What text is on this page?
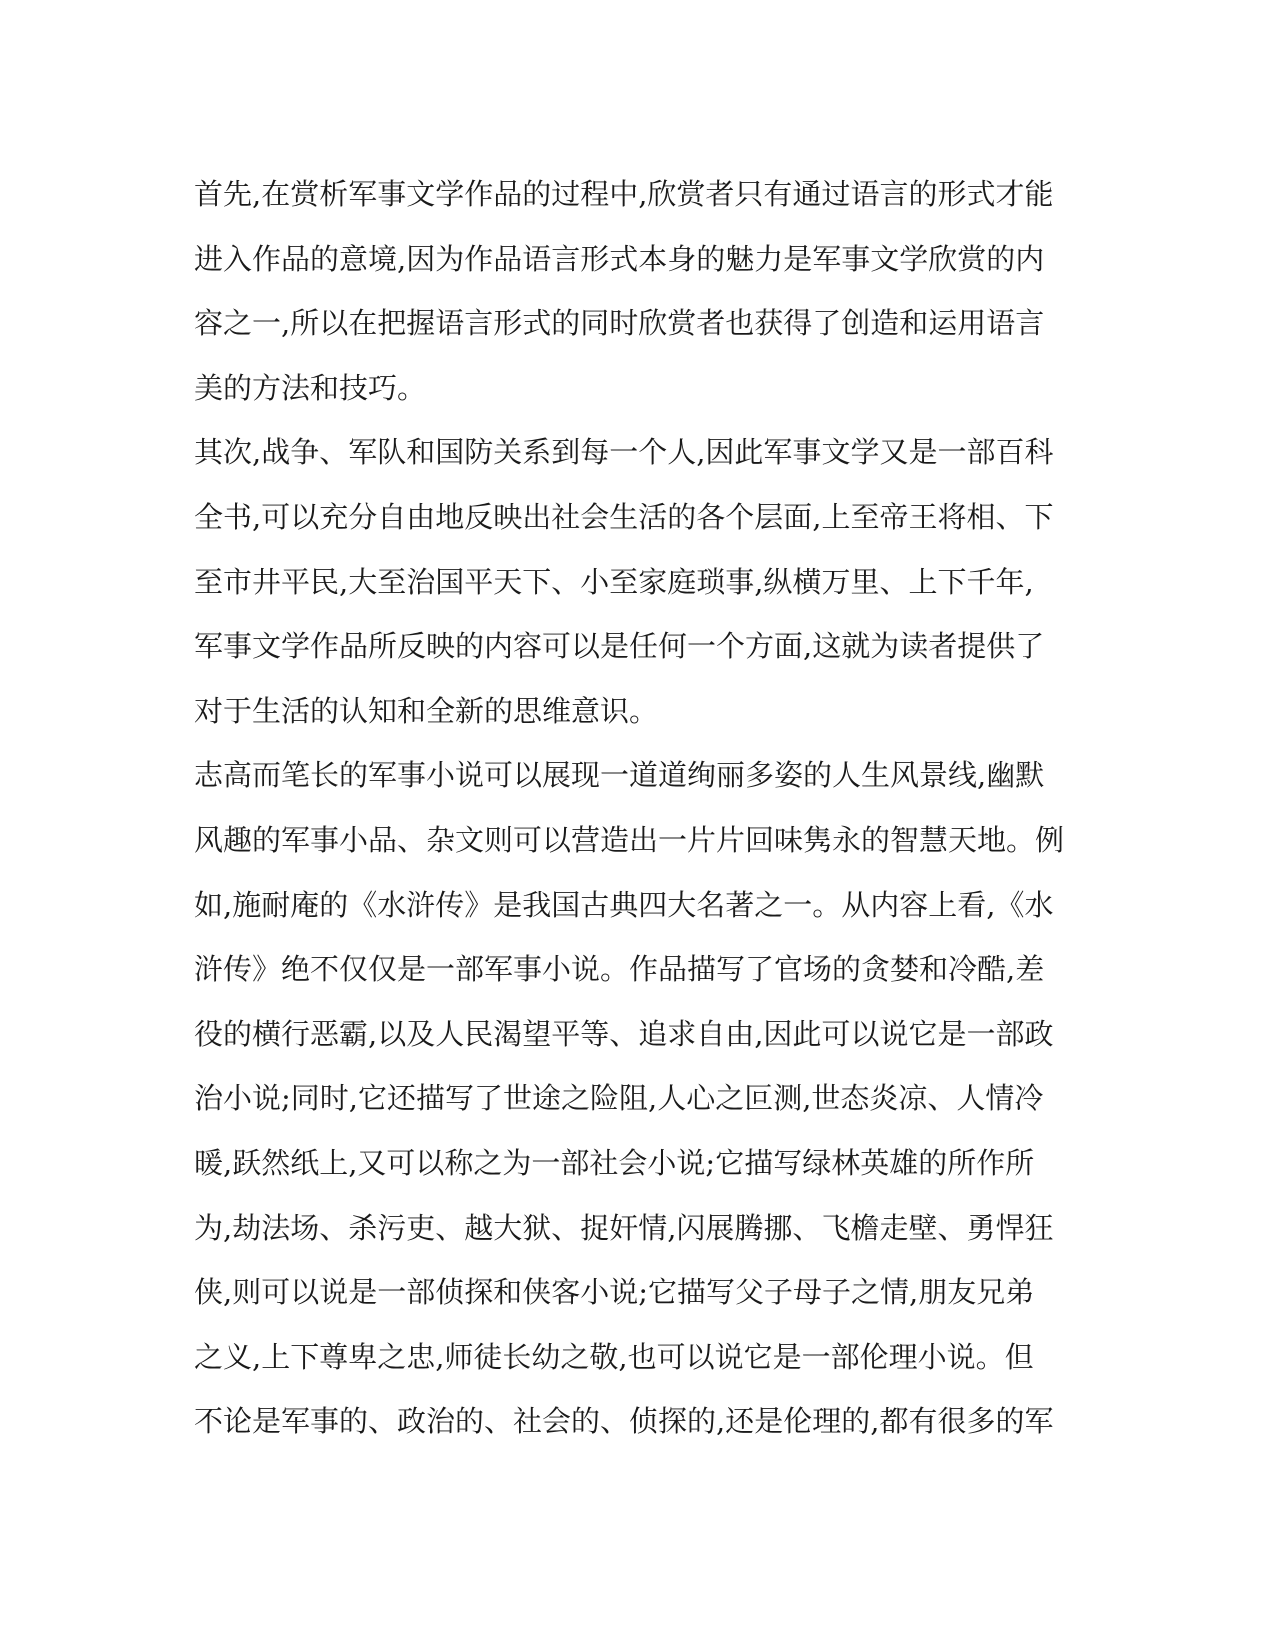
首先,在赏析军事文学作品的过程中,欣赏者只有通过语言的形式才能
进入作品的意境,因为作品语言形式本身的魅力是军事文学欣赏的内
容之一,所以在把握语言形式的同时欣赏者也获得了创造和运用语言
美的方法和技巧。
其次,战争、军队和国防关系到每一个人,因此军事文学又是一部百科
全书,可以充分自由地反映出社会生活的各个层面,上至帝王将相、下
至市井平民,大至治国平天下、小至家庭琐事,纵横万里、上下千年,
军事文学作品所反映的内容可以是任何一个方面,这就为读者提供了
对于生活的认知和全新的思维意识。
志高而笔长的军事小说可以展现一道道绚丽多姿的人生风景线,幽默
风趣的军事小品、杂文则可以营造出一片片回味隽永的智慧天地。例
如,施耐庵的《水浒传》是我国古典四大名著之一。从内容上看,《水
浒传》绝不仅仅是一部军事小说。作品描写了官场的贪婪和冷酷,差
役的横行恶霸,以及人民渴望平等、追求自由,因此可以说它是一部政
治小说;同时,它还描写了世途之险阻,人心之叵测,世态炎凉、人情冷
暖,跃然纸上,又可以称之为一部社会小说;它描写绿林英雄的所作所
为,劫法场、杀污吏、越大狱、捉奸情,闪展腾挪、飞檐走壁、勇悍狂
侠,则可以说是一部侦探和侠客小说;它描写父子母子之情,朋友兄弟
之义,上下尊卑之忠,师徒长幼之敬,也可以说它是一部伦理小说。但
不论是军事的、政治的、社会的、侦探的,还是伦理的,都有很多的军
